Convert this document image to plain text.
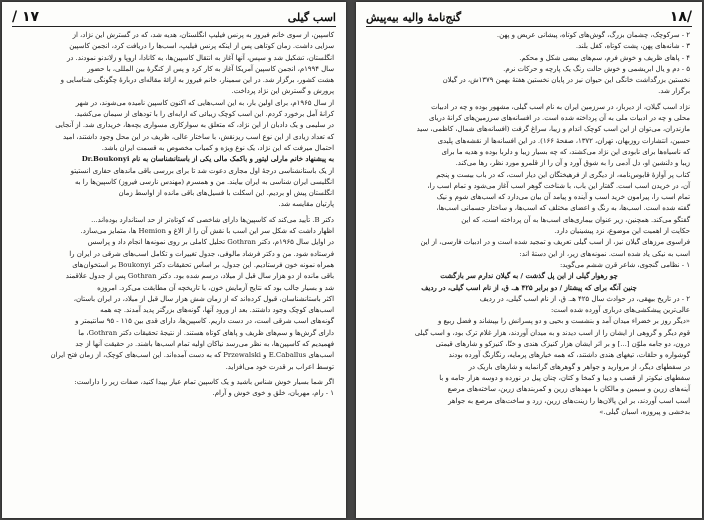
اسب گیلی
۱۷ /

کاسپین، از سوی خانم فیروز به پرنس فیلیپ انگلستان، هدیه شد، که در گسترش این نژاد، از

سزایی داشت. زمان کوتاهی پس از اینکه پرنس فیلیپ، اسب‌ها را دریافت کرد، انجمن کاسپین

انگلستان، تشکیل شد و سپس، آنها آغاز به انتقال کاسپین‌ها، به کانادا، اروپا و زلاندنو نمودند. در

سال ۱۹۹۴م، انجمن کاسپین آمریکا آغاز به کار کرد و پس از کنگرهٔ بین المللی، با حضور

هشت کشور، برگزار شد. در این سمینار، خانم فیروز به ارائهٔ مقاله‌ای دربارهٔ چگونگی شناسایی و

پرورش و گسترش این نژاد پرداخت.

از سال ۱۹۶۵م، برای اولین بار، به این اسب‌هایی که اکنون کاسپین نامیده می‌شوند، در شهر

کرانهٔ آمل برخورد کردم. این اسب کوچک زیبائی که ارابه‌ای را با تودهای از سیمان می‌کشید.

در سلیمی و یک دادبان از این نژاد، که متعلق به سوارکاری مسواری بچه‌ها، خریداری شد. از آنجایی

که تعداد زیادی از این نوع اسب ریزنقش، با ساختار عالی، ظریف در این محل وجود داشتند، امید

احتمال میرفت که این نژاد، یک نوع ویژه و کمیاب مخصوص به قسمت ایران باشد.

به پیشنهاد خانم مارلی لیتور و باکمک مالی یکی از باستانشناسان به نام Dr.Boukonyi

از یک باستانشناسی درجهٔ اول مجاری دعوت شد تا برای بررسی باقی ماندهای حفاری انستیتو

انگلیسی ایران شناسی به ایران بیایند. من و همسرم (مهندس نارسی فیروز) کاسپین‌ها را به

انگلستان پیش او بردیم. این اسکلت با فسیل‌های باقی مانده از اواسط زمان

پارتیان مقایسه شد.

دکتر B. تأیید می‌کند که کاسپین‌ها دارای شاخصی که کوتاه‌تر از حد استاندارد بوده‌اند...

اظهار داشت که شکل سر این اسب با نقش آن را از الاغ و Hemion ها، متمایز می‌سازد.

در اوایل سال ۱۹۶۵م، دکتر Gothran تحلیل کاملی بر روی نمونه‌ها انجام داد و پراسس

فرستاده شود. من و دکتر فرشاد مالوفی، جدول تغییرات و تکامل اسب‌های شرقی در ایران را

همراه نمونه خون فرستادیم. این جدول، بر اساس تحقیقات دکتر Boukonyi بر استخوان‌های

باقی مانده از دو هزار سال قبل از میلاد، درسم شده بود. دکتر Gothran پس از جدول علاقمند

شد و بسیار جالب بود که نتایج آزمایش خون، با تاریخچه آن مطابقت می‌کرد. امروزه

اکثر باستانشناسان، قبول کرده‌اند که از زمان شش هزار سال قبل از میلاد، در ایران باستان،

اسب‌های کوچک وجود داشتند. بعد از ورود آنها، گونه‌های بزرگتر پدید آمدند. چه همه

گونه‌های اسب شرقی است، در دست داریم. کاسپین‌ها، دارای قدی بین ۱۱۵ - ۹۵ سانتیمتر و

دارای گرش‌ها و سم‌های ظریف و پاهای کوتاه هستند. از نتیجهٔ تحقیقات دکتر Gothran، ما

فهمیدیم که کاسپین‌ها، به نظر می‌رسد نیاکان اولیه تمام اسب‌ها باشند. در حقیقت آنها از جد

اسب‌های E.Caballus و Przewalski که به دست آمده‌اند. این اسب‌های کوچک، از زمان فتح ایران

توسط اعراب بر قدرت خود می‌افزاید.

اگر شما بسیار خوش شناس باشید و یک کاسپین تمام عیار بپیدا کنید، صفات زیر را داراست:

۱ - رام، مهربان، خلق و خوی خوش و آرام.

/۱۸
گنج‌نامهٔ والیه بیه‌پیش

۲ - سرکوچک، چشمان بزرگ، گوش‌های کوتاه، پیشانی عریض و پهن.

۳ - شانه‌های پهن، پشت کوتاه، کفل بلند.

۴ - پاهای ظریف و خوش فرم، سم‌های بیضی شکل و محکم.

۵ - دم و یال ابریشمی و خوش حالت رنگ یک پارچه و حرکات نرم.

نخستین بزرگداشت خانگی این حیوان نیز در پایان نخستین هفتهٔ بهمن ۱۳۷۹ش، در گیلان

برگزار شد.

نژاد اسب گیلان، از دیرباز، در سرزمین ایران به نام اسب گیلی، مشهور بوده و چه در ادبیات

محلی و چه در ادبیات ملی به آن پرداخته شده است. در افسانه‌های سرزمین‌های کرانهٔ دریای

مازندران، می‌توان از این اسب کوچک اندام و زیبا، سراغ گرفت (افسانه‌های شمال، کاظمی، سید

حسین، انتشارات روزبهان، تهران، ۱۳۷۲، صفحهٔ ۱۶۶). در این افسانه‌ها از نقشه‌های پلیدی

که ناسیاه‌ها برای نابودی این نژاد می‌کشند، که چه بسیار زیبا و دلربا بوده و هدیه ما برای

زیبا و دلنشین او، دل آدمی را به شوق آورد و آن را از قلمرو مورد نظر، رها می‌کند.

کتاب پر آوازهٔ قابوس‌نامه، از دیگری از فرهیختگان این دیار است، که در باب بیست و پنجم

آن، در خریدن اسب است. گفتار این باب، با شناخت گوهر اسب آغاز می‌شود و تمام اسب را،

تمام اسب را، پیرامون خرید اسب و آینده و پیامد آن بیان می‌دارد که اسب‌های شوم و نیک

گفته شده است. اسب‌ها، به رنگ و اعضای مختلف که اسب‌ها، و ساختار جسمانی اسب‌ها،

گفتگو می‌کند. همچنین، زیر عنوان بیماری‌های اسب‌ها به آن پرداخته است، که این

حکایت از اهمیت این موضوع، نزد پیشینیان دارد.

فراسوی مرزهای گیلان نیز، از اسب گیلی تعریف و تمجید شده است و در ادبیات فارسی، از این

اسب به نیکی یاد شده است. نمونه‌های زیر، از این دستهٔ اند:

۱ - نظامی گنجوی، شاعر قرن ششم می‌گوید:

چو رهوار گیلی از این پل گذشت / به گیلان ندارم سر بازگشت

چنین آنگه برای که پیشتاز / دو برابر ۴۲۵ هـ. ق، از نام اسب گیلی، در ردیف

۲ - در تاریخ بیهقی، در حوادث سال ۴۲۵ هـ. ق، از نام اسب گیلی، در ردیف

عالی‌ترین پیشکشی‌های درباری آورده شده است:

«دیگر روز بر خضراء میدان آمد و بنشست و بحیی و دو پسرانش را بپیشاند و فضل ربیع و

قوم دیگر و گروهی از ایشان را از اسب دیدند و به میدان آوردند، هزار غلام ترک بود، و اسب گیلی

درون، دو جامه ملوّن [...] و بر اثر ایشان هزار کنیزک هندی و ختّا، کنیزکو و شارهای قیمتی

گوشواره و حلقات، تیغهای هندی داشتند، که همه خیارهای پرمایه، رنگارنگ آورده بودند

در سفطهای دیگر، از مروارید و جواهر و گوهرهای گرانمایه و شارهای باریک در

سفطهای نیکوتر از قصب و دیبا و کمخا و کتان، چنان پیل در نورده و دوسه هزار جامه و با

آینه‌های زرین و سیمین و مالکان با مهدهای زرین و کمربندهای زرین، ساخته‌های مرصع

اسب اسب آوردند، بر این پالان‌ها را زینت‌های زرین، زرد و ساخت‌های مرصع به جواهر

بدخشی و پیروزه، اسبان گیلی.»
